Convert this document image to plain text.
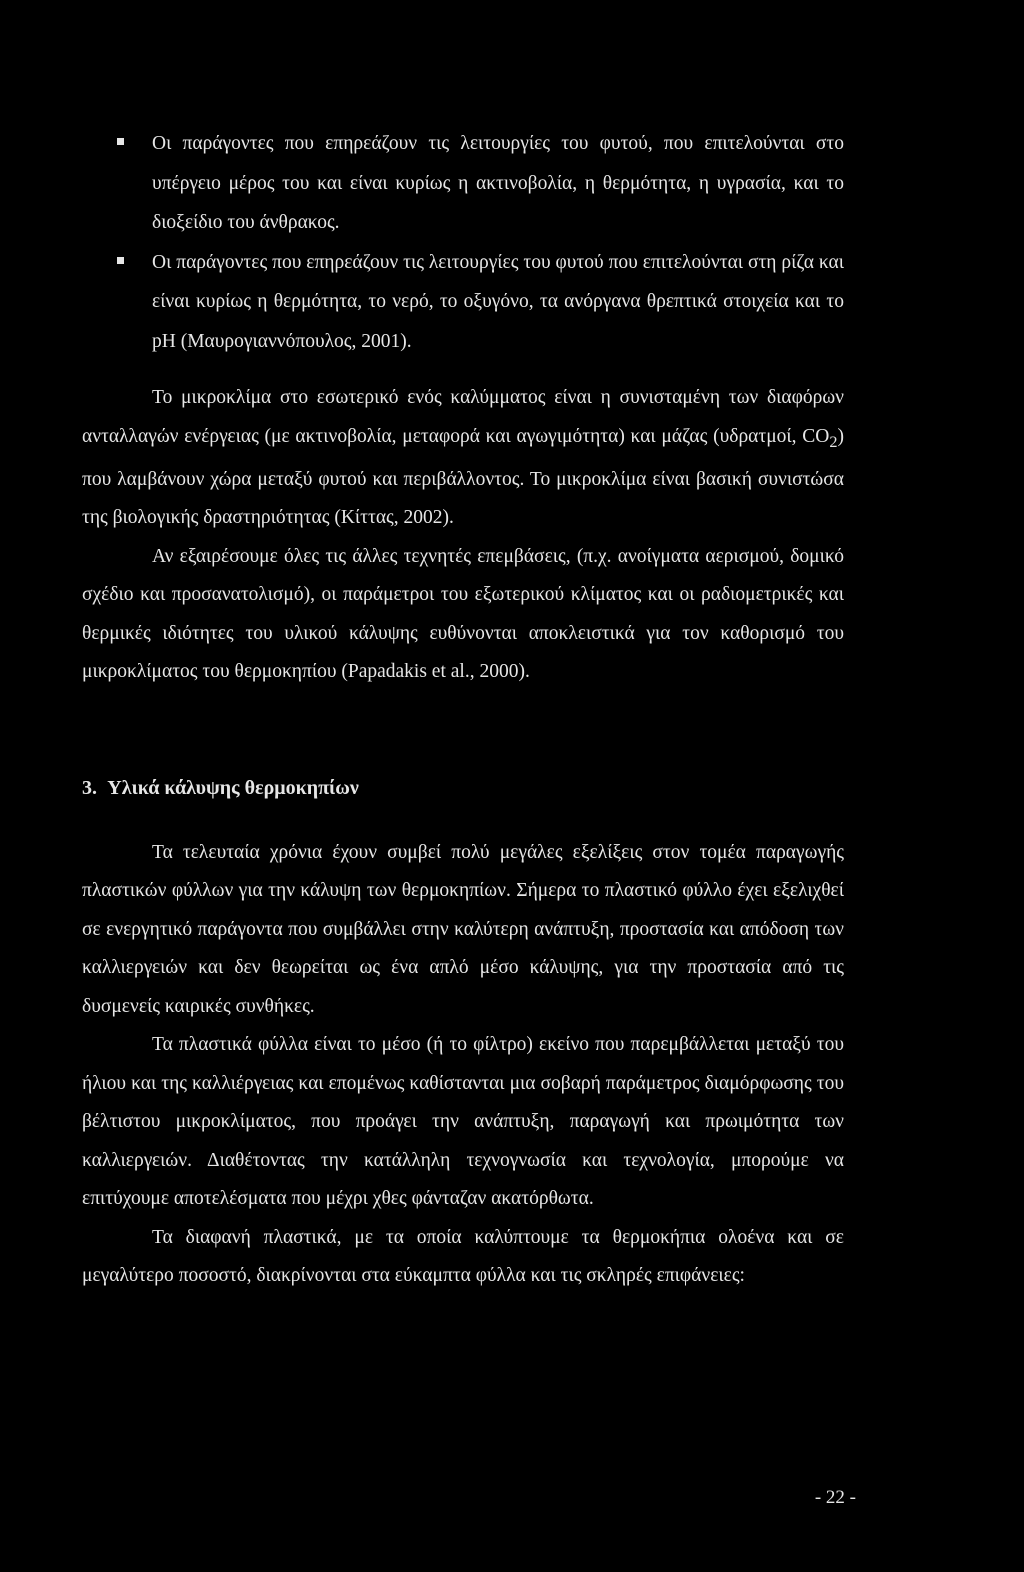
Οι παράγοντες που επηρεάζουν τις λειτουργίες του φυτού, που επιτελούνται στο υπέργειο μέρος του και είναι κυρίως η ακτινοβολία, η θερμότητα, η υγρασία, και το διοξείδιο του άνθρακος.
Οι παράγοντες που επηρεάζουν τις λειτουργίες του φυτού που επιτελούνται στη ρίζα και είναι κυρίως η θερμότητα, το νερό, το οξυγόνο, τα ανόργανα θρεπτικά στοιχεία και το pH (Μαυρογιαννόπουλος, 2001).

Το μικροκλίμα στο εσωτερικό ενός καλύμματος είναι η συνισταμένη των διαφόρων ανταλλαγών ενέργειας (με ακτινοβολία, μεταφορά και αγωγιμότητα) και μάζας (υδρατμοί, $CO_2$) που λαμβάνουν χώρα μεταξύ φυτού και περιβάλλοντος. Το μικροκλίμα είναι βασική συνιστώσα της βιολογικής δραστηριότητας (Κίττας, 2002).

Αν εξαιρέσουμε όλες τις άλλες τεχνητές επεμβάσεις, (π.χ. ανοίγματα αερισμού, δομικό σχέδιο και προσανατολισμό), οι παράμετροι του εξωτερικού κλίματος και οι ραδιομετρικές και θερμικές ιδιότητες του υλικού κάλυψης ευθύνονται αποκλειστικά για τον καθορισμό του μικροκλίματος του θερμοκηπίου (Papadakis et al., 2000).

3. Υλικά κάλυψης θερμοκηπίων

Τα τελευταία χρόνια έχουν συμβεί πολύ μεγάλες εξελίξεις στον τομέα παραγωγής πλαστικών φύλλων για την κάλυψη των θερμοκηπίων. Σήμερα το πλαστικό φύλλο έχει εξελιχθεί σε ενεργητικό παράγοντα που συμβάλλει στην καλύτερη ανάπτυξη, προστασία και απόδοση των καλλιεργειών και δεν θεωρείται ως ένα απλό μέσο κάλυψης, για την προστασία από τις δυσμενείς καιρικές συνθήκες.

Τα πλαστικά φύλλα είναι το μέσο (ή το φίλτρο) εκείνο που παρεμβάλλεται μεταξύ του ήλιου και της καλλιέργειας και επομένως καθίστανται μια σοβαρή παράμετρος διαμόρφωσης του βέλτιστου μικροκλίματος, που προάγει την ανάπτυξη, παραγωγή και πρωιμότητα των καλλιεργειών. Διαθέτοντας την κατάλληλη τεχνογνωσία και τεχνολογία, μπορούμε να επιτύχουμε αποτελέσματα που μέχρι χθες φάνταζαν ακατόρθωτα.

Τα διαφανή πλαστικά, με τα οποία καλύπτουμε τα θερμοκήπια ολοένα και σε μεγαλύτερο ποσοστό, διακρίνονται στα εύκαμπτα φύλλα και τις σκληρές επιφάνειες:

- 22 -
